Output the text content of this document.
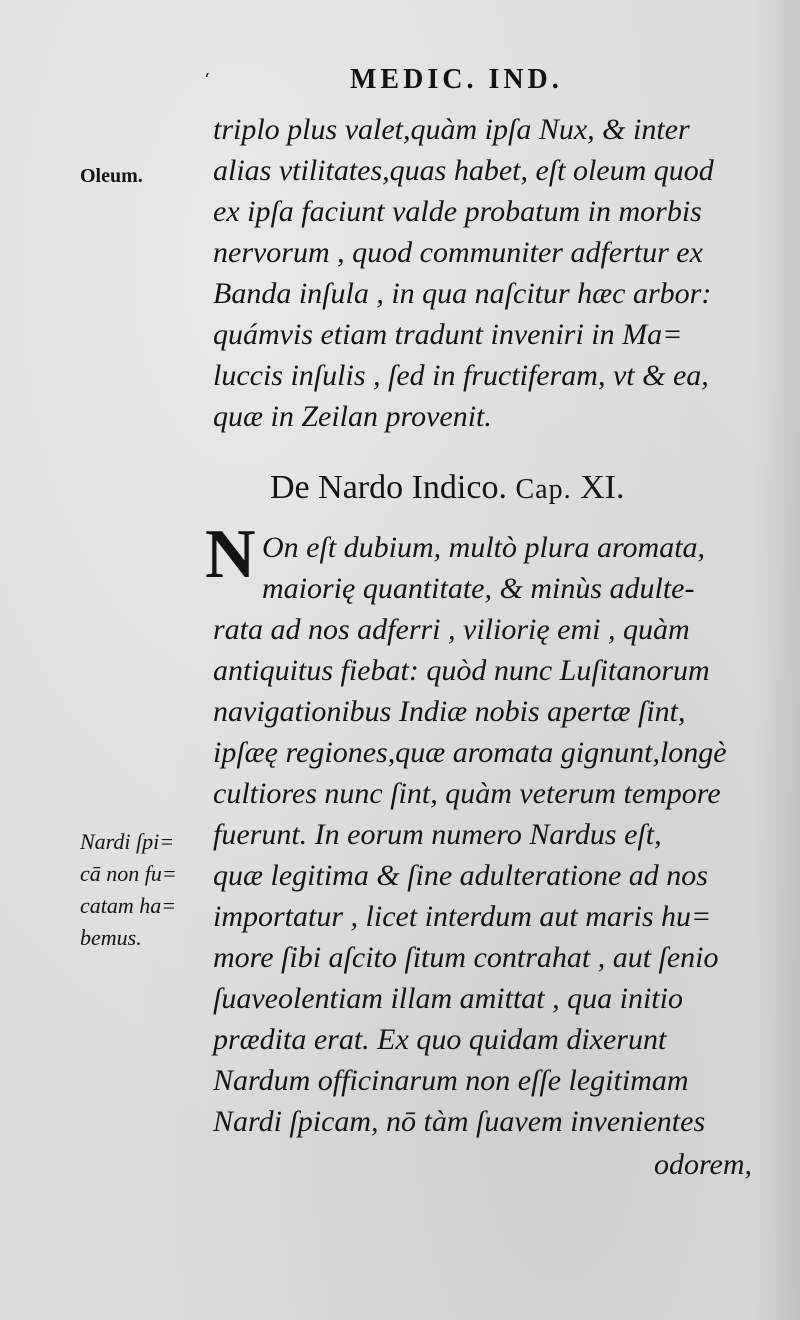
‘	MEDIC. IND.
triplo plus valet,quàm ipſa Nux, & inter
alias vtilitates,quas habet, eſt oleum quod
ex ipſa faciunt valde probatum in morbis
nervorum , quod communiter adfertur ex
Banda inſula , in qua naſcitur hæc arbor:
quámvis etiam tradunt inveniri in Ma=
luccis inſulis , ſed in fructiferam, vt & ea,
quæ in Zeilan provenit.
Oleum.
De Nardo Indico. Cap. XI.
N On eſt dubium, multò plura aromata,
maiorię quantitate, & minùs adulte-
rata ad nos adferri , viliorię emi , quàm
antiquitus fiebat: quòd nunc Luſitanorum
navigationibus Indiæ nobis apertæ ſint,
ipſæę regiones,quæ aromata gignunt,longè
cultiores nunc ſint, quàm veterum tempore
fuerunt. In eorum numero Nardus eſt,
quæ legitima & ſine adulteratione ad nos
importatur , licet interdum aut maris hu=
more ſibi aſcito ſitum contrahat , aut ſenio
ſuaveolentiam illam amittat , qua initio
prædita erat. Ex quo quidam dixerunt
Nardum officinarum non eſſe legitimam
Nardi ſpicam, nō tàm ſuavem invenientes
odorem,
Nardi ſpi=
cā non fu=
catam ha=
bemus.
